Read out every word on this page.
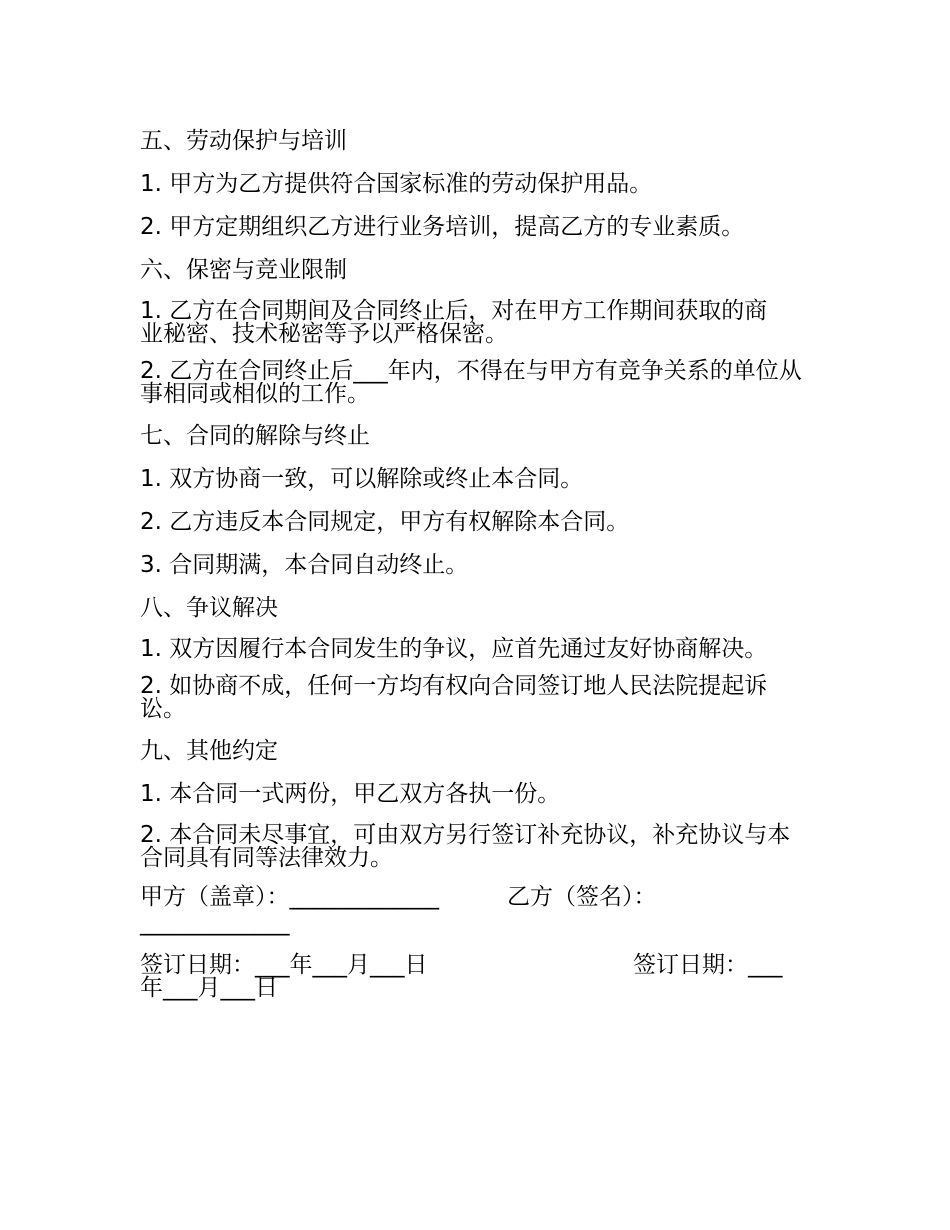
五、劳动保护与培训
1. 甲方为乙方提供符合国家标准的劳动保护用品。
2. 甲方定期组织乙方进行业务培训，提高乙方的专业素质。
六、保密与竞业限制
1. 乙方在合同期间及合同终止后，对在甲方工作期间获取的商业秘密、技术秘密等予以严格保密。
2. 乙方在合同终止后___年内，不得在与甲方有竞争关系的单位从事相同或相似的工作。
七、合同的解除与终止
1. 双方协商一致，可以解除或终止本合同。
2. 乙方违反本合同规定，甲方有权解除本合同。
3. 合同期满，本合同自动终止。
八、争议解决
1. 双方因履行本合同发生的争议，应首先通过友好协商解决。
2. 如协商不成，任何一方均有权向合同签订地人民法院提起诉讼。
九、其他约定
1. 本合同一式两份，甲乙双方各执一份。
2. 本合同未尽事宜，可由双方另行签订补充协议，补充协议与本合同具有同等法律效力。
甲方（盖章）：_____________	乙方（签名）：
_____________
签订日期：___年___月___日	签订日期：___
年___月___日
